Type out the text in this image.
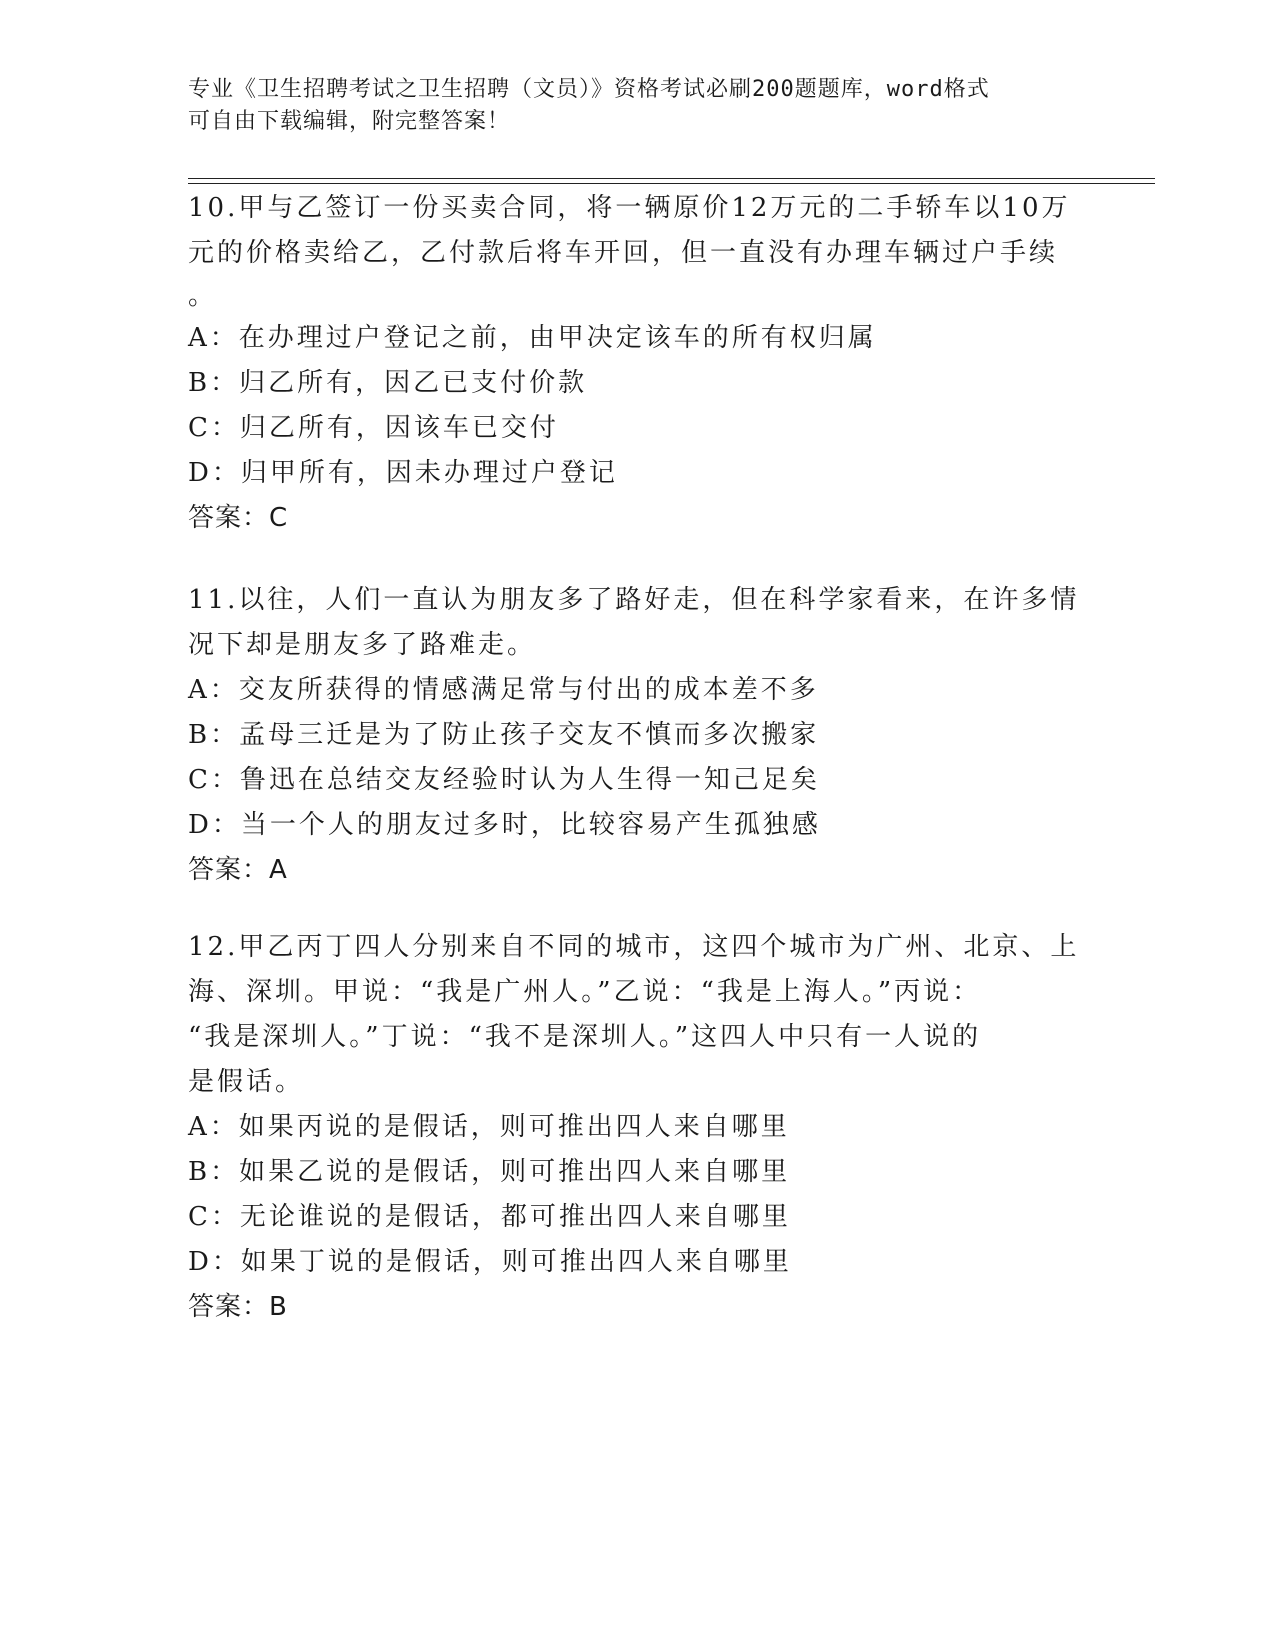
专业《卫生招聘考试之卫生招聘（文员）》资格考试必刷200题题库，word格式
可自由下载编辑，附完整答案！
10.甲与乙签订一份买卖合同，将一辆原价12万元的二手轿车以10万
元的价格卖给乙，乙付款后将车开回，但一直没有办理车辆过户手续
。
A：在办理过户登记之前，由甲决定该车的所有权归属
B：归乙所有，因乙已支付价款
C：归乙所有，因该车已交付
D：归甲所有，因未办理过户登记
答案：C
11.以往，人们一直认为朋友多了路好走，但在科学家看来，在许多情
况下却是朋友多了路难走。
A：交友所获得的情感满足常与付出的成本差不多
B：孟母三迁是为了防止孩子交友不慎而多次搬家
C：鲁迅在总结交友经验时认为人生得一知己足矣
D：当一个人的朋友过多时，比较容易产生孤独感
答案：A
12.甲乙丙丁四人分别来自不同的城市，这四个城市为广州、北京、上
海、深圳。甲说：“我是广州人。”乙说：“我是上海人。”丙说：
“我是深圳人。”丁说：“我不是深圳人。”这四人中只有一人说的
是假话。
A：如果丙说的是假话，则可推出四人来自哪里
B：如果乙说的是假话，则可推出四人来自哪里
C：无论谁说的是假话，都可推出四人来自哪里
D：如果丁说的是假话，则可推出四人来自哪里
答案：B
